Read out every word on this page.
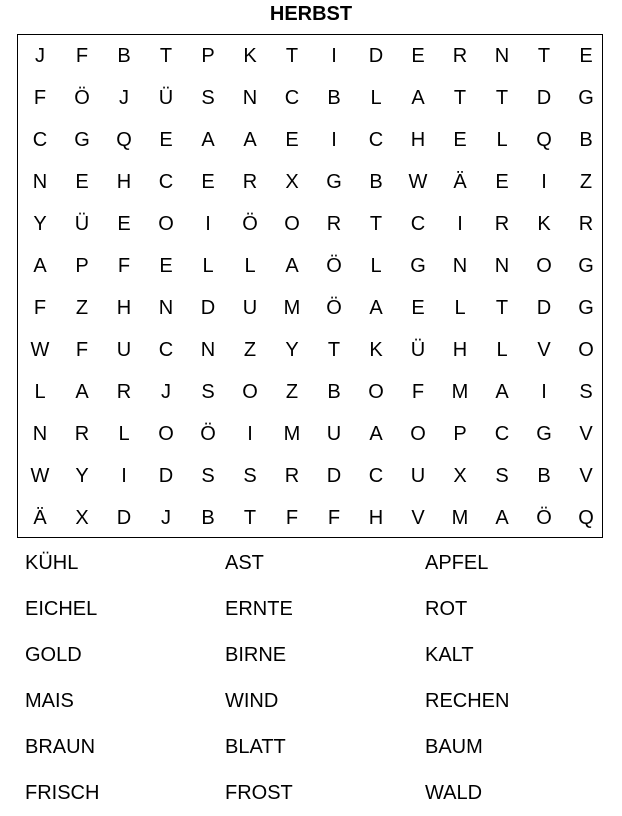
HERBST
J	F	B	T	P	K	T	I	D	E	R	N	T	E
F	Ö	J	Ü	S	N	C	B	L	A	T	T	D	G
C	G	Q	E	A	A	E	I	C	H	E	L	Q	B
N	E	H	C	E	R	X	G	B	W	Ä	E	I	Z
Y	Ü	E	O	I	Ö	O	R	T	C	I	R	K	R
A	P	F	E	L	L	A	Ö	L	G	N	N	O	G
F	Z	H	N	D	U	M	Ö	A	E	L	T	D	G
W	F	U	C	N	Z	Y	T	K	Ü	H	L	V	O
L	A	R	J	S	O	Z	B	O	F	M	A	I	S
N	R	L	O	Ö	I	M	U	A	O	P	C	G	V
W	Y	I	D	S	S	R	D	C	U	X	S	B	V
Ä	X	D	J	B	T	F	F	H	V	M	A	Ö	Q
KÜHL	AST	APFEL
EICHEL	ERNTE	ROT
GOLD	BIRNE	KALT
MAIS	WIND	RECHEN
BRAUN	BLATT	BAUM
FRISCH	FROST	WALD
